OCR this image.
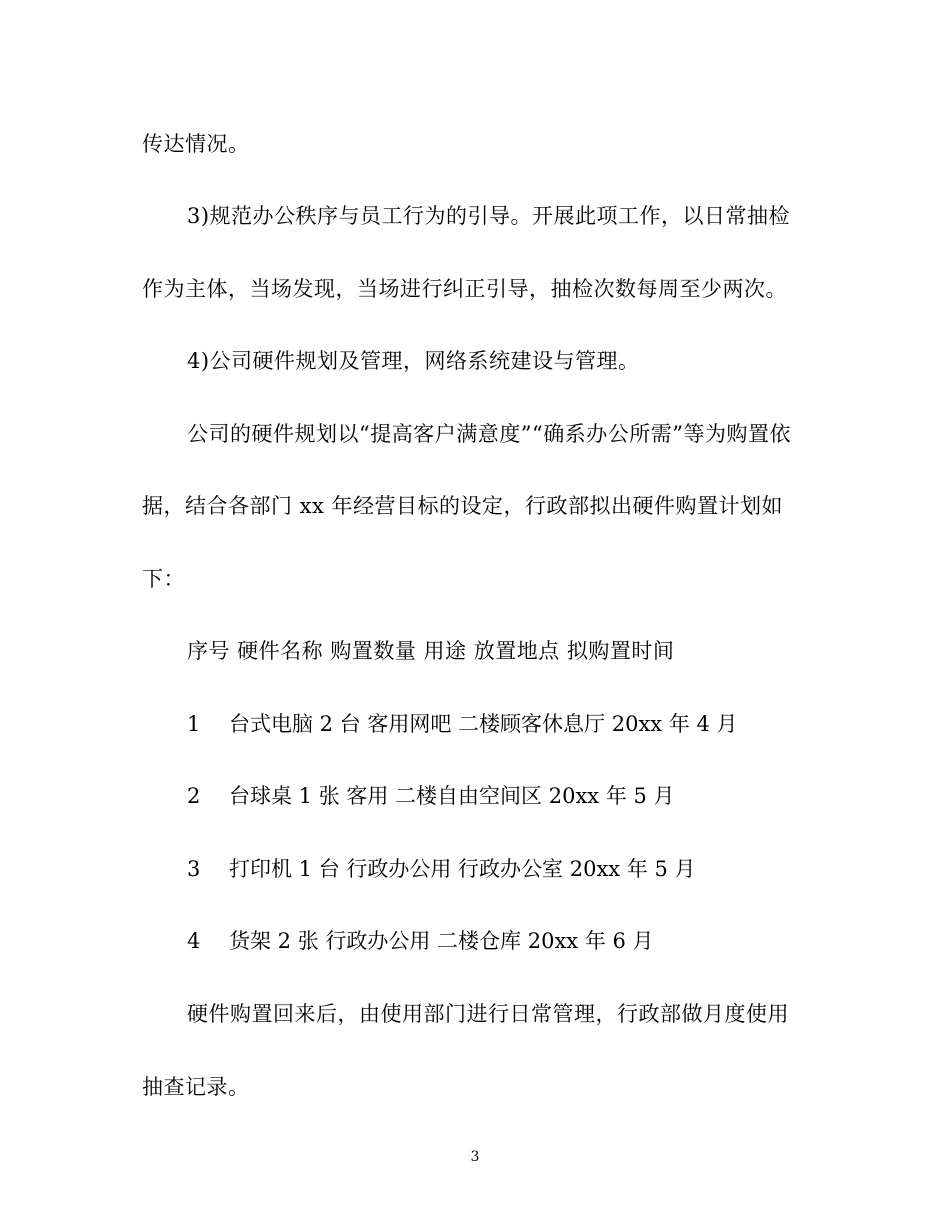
传达情况。
3)规范办公秩序与员工行为的引导。开展此项工作，以日常抽检
作为主体，当场发现，当场进行纠正引导，抽检次数每周至少两次。
4)公司硬件规划及管理，网络系统建设与管理。
公司的硬件规划以“提高客户满意度”“确系办公所需”等为购置依
据，结合各部门 xx 年经营目标的设定，行政部拟出硬件购置计划如
下：
序号 硬件名称 购置数量 用途 放置地点 拟购置时间
1	台式电脑 2 台 客用网吧 二楼顾客休息厅 20xx 年 4 月
2	台球桌 1 张 客用 二楼自由空间区 20xx 年 5 月
3	打印机 1 台 行政办公用 行政办公室 20xx 年 5 月
4	货架 2 张 行政办公用 二楼仓库 20xx 年 6 月
硬件购置回来后，由使用部门进行日常管理，行政部做月度使用
抽查记录。
3
